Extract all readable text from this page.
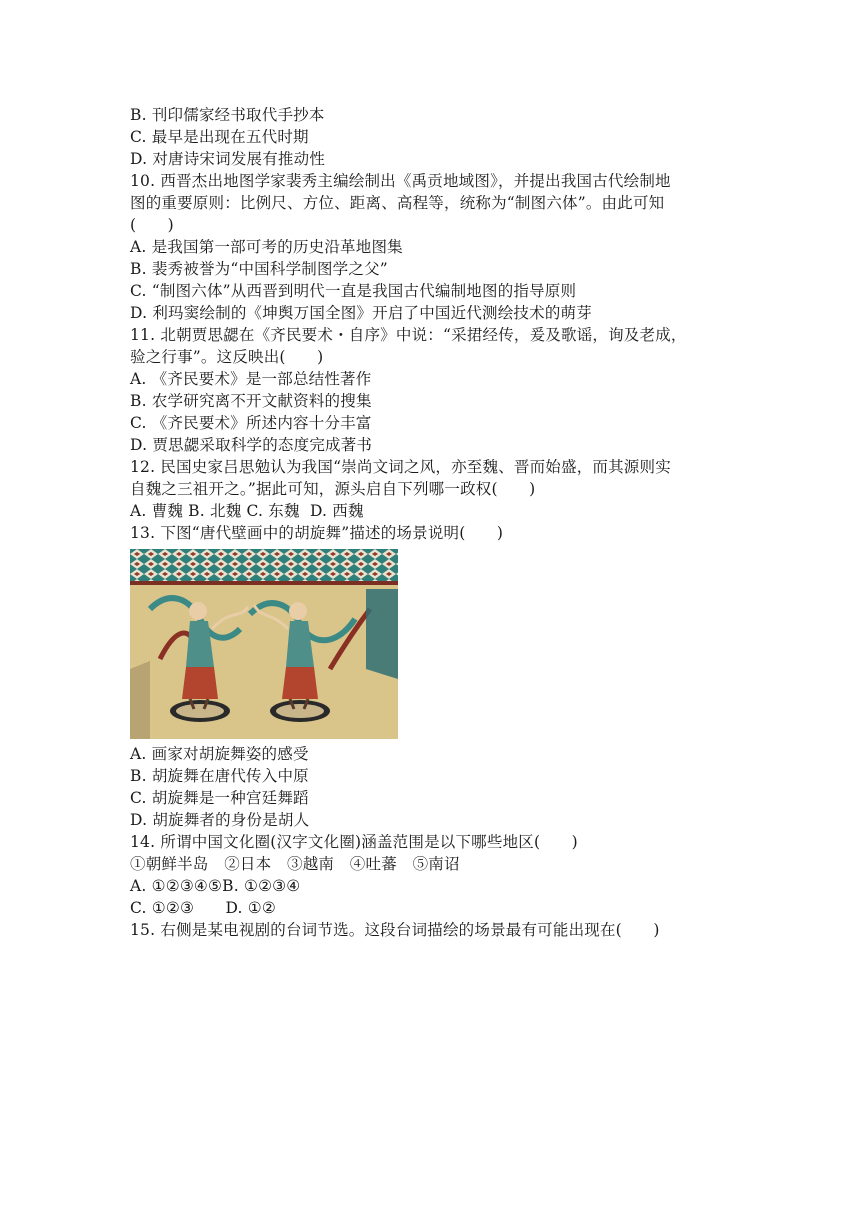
B. 刊印儒家经书取代手抄本
C. 最早是出现在五代时期
D. 对唐诗宋词发展有推动性
10. 西晋杰出地图学家裴秀主编绘制出《禹贡地域图》，并提出我国古代绘制地
图的重要原则：比例尺、方位、距离、高程等，统称为“制图六体”。由此可知
(　　)
A. 是我国第一部可考的历史沿革地图集
B. 裴秀被誉为“中国科学制图学之父”
C. “制图六体”从西晋到明代一直是我国古代编制地图的指导原则
D. 利玛窦绘制的《坤舆万国全图》开启了中国近代测绘技术的萌芽
11. 北朝贾思勰在《齐民要术・自序》中说：“采捃经传，爰及歌谣，询及老成，
验之行事”。这反映出(　　)
A. 《齐民要术》是一部总结性著作
B. 农学研究离不开文献资料的搜集
C. 《齐民要术》所述内容十分丰富
D. 贾思勰采取科学的态度完成著书
12. 民国史家吕思勉认为我国“崇尚文词之风，亦至魏、晋而始盛，而其源则实
自魏之三祖开之。”据此可知，源头启自下列哪一政权(　　)
A. 曹魏 B. 北魏 C. 东魏  D. 西魏
13. 下图“唐代壁画中的胡旋舞”描述的场景说明(　　)
A. 画家对胡旋舞姿的感受
B. 胡旋舞在唐代传入中原
C. 胡旋舞是一种宫廷舞蹈
D. 胡旋舞者的身份是胡人
14. 所谓中国文化圈(汉字文化圈)涵盖范围是以下哪些地区(　　)
①朝鲜半岛　②日本　③越南　④吐蕃　⑤南诏
A. ①②③④⑤B. ①②③④
C. ①②③　　D. ①②
15. 右侧是某电视剧的台词节选。这段台词描绘的场景最有可能出现在(　　)
